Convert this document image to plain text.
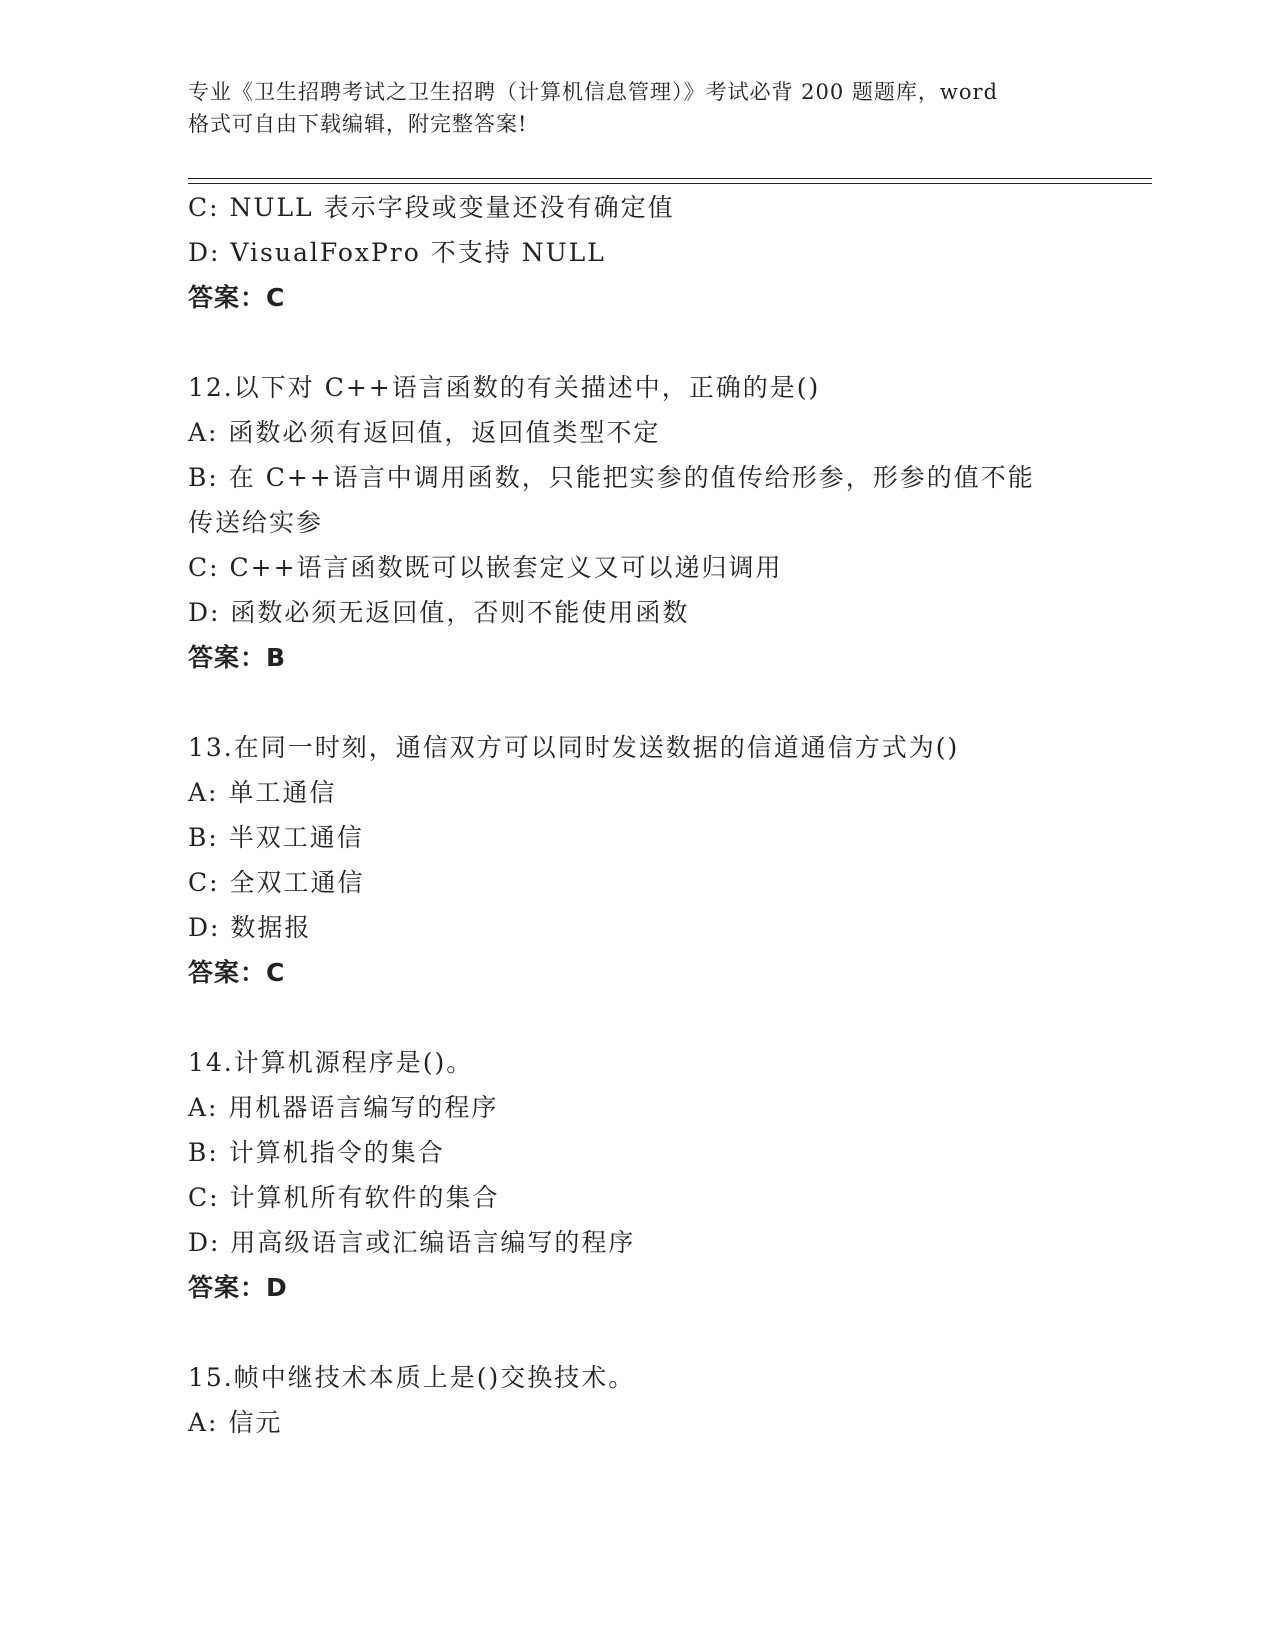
专业《卫生招聘考试之卫生招聘（计算机信息管理）》考试必背 200 题题库，word
格式可自由下载编辑，附完整答案!
C: NULL 表示字段或变量还没有确定值
D: VisualFoxPro 不支持 NULL
答案：C
12.以下对 C++语言函数的有关描述中，正确的是()
A: 函数必须有返回值，返回值类型不定
B: 在 C++语言中调用函数，只能把实参的值传给形参，形参的值不能
传送给实参
C: C++语言函数既可以嵌套定义又可以递归调用
D: 函数必须无返回值，否则不能使用函数
答案：B
13.在同一时刻，通信双方可以同时发送数据的信道通信方式为()
A: 单工通信
B: 半双工通信
C: 全双工通信
D: 数据报
答案：C
14.计算机源程序是()。
A: 用机器语言编写的程序
B: 计算机指令的集合
C: 计算机所有软件的集合
D: 用高级语言或汇编语言编写的程序
答案：D
15.帧中继技术本质上是()交换技术。
A: 信元
